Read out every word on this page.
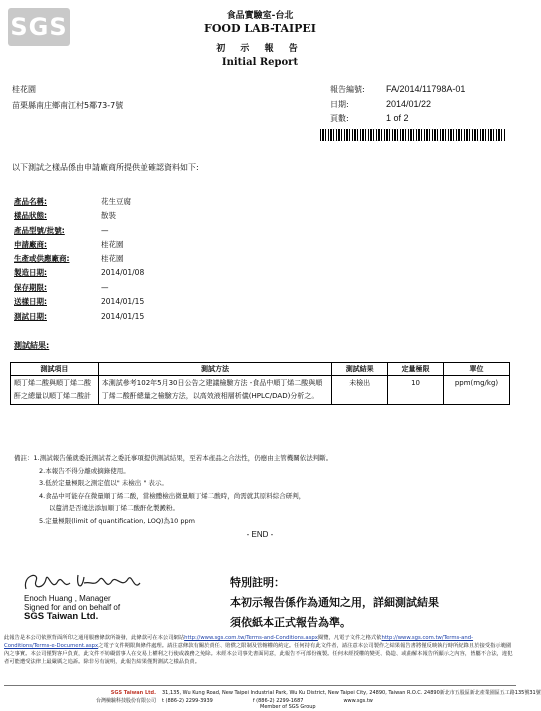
SGS	食品實驗室-台北
FOOD LAB-TAIPEI
初 示 報 告
Initial Report
桂花園
苗栗縣南庄鄉南江村5鄰73-7號
報告編號:	FA/2014/11798A-01
日期:	2014/01/22
頁數:	1 of 2
以下測試之樣品係由申請廠商所提供並確認資料如下:
產品名稱:	花生豆腐
樣品狀態:	散裝
產品型號/批號:	—
申請廠商:	桂花園
生產或供應廠商:	桂花園
製造日期:	2014/01/08
保存期限:	—
送樣日期:	2014/01/15
測試日期:	2014/01/15
測試結果:
測試項目	測試方法	測試結果	定量極限	單位
順丁烯二酸與順丁烯二酸酐之總量以順丁烯二酸計	本測試參考102年5月30日公告之建議檢驗方法 -食品中順丁烯二酸與順丁烯二酸酐總量之檢驗方法，以高效液相層析儀(HPLC/DAD)分析之。	未檢出	10	ppm(mg/kg)
備註：1.測試報告僅就委託測試者之委託事項提供測試結果，至若本產品之合法性，仍應由主管機關依法判斷。
2.本報告不得分離或摘錄使用。
3.低於定量極限之測定值以" 未檢出 " 表示。
4.食品中可能存在微量順丁烯二酸，當檢體檢出微量順丁烯二酸時，尚需就其原料綜合研判，
以釐清是否違法添加順丁烯二酸酐化製澱粉。
5.定量極限(limit of quantification, LOQ)為10 ppm
- END -
Enoch Huang , Manager
Signed for and on behalf of
SGS Taiwan Ltd.
特別註明：
本初示報告係作為通知之用，詳細測試結果
須依紙本正式報告為準。
此報告是本公司依照背面所印之通用服務條款所簽發，此條款可在本公司網站http://www.sgs.com.tw/Terms-and-Conditions.aspx閱覽，凡電子文件之格式依http://www.sgs.com.tw/Terms-and-Conditions/Terms-e-Document.aspx之電子文件期限與條件處理。請注意條款有關於責任、賠償之限制及管轄權的約定。任何持有此文件者，請注意本公司製作之結果報告書將僅反映執行時所紀錄且於接受指示範圍內之事實。本公司僅對客戶負責，此文件不妨礙當事人在交易上權利之行使或義務之免除。未經本公司事先書面同意，此報告不可部份複製。任何未經授權的變更、偽造、或曲解本報告所顯示之內容，皆屬不合法，違犯者可能遭受法律上最嚴厲之追訴。除非另有說明，此報告結果僅對測試之樣品負責。
SGS Taiwan Ltd.
台灣檢驗科技股份有限公司
31,135, Wu Kung Road, New Taipei Industrial Park, Wu Ku District, New Taipei City, 24890, Taiwan R.O.C. 24890新北市五股區新北產業園區五工路135號31號
t (886-2) 2299-3939	f (886-2) 2299-1687	www.sgs.tw
Member of SGS Group
